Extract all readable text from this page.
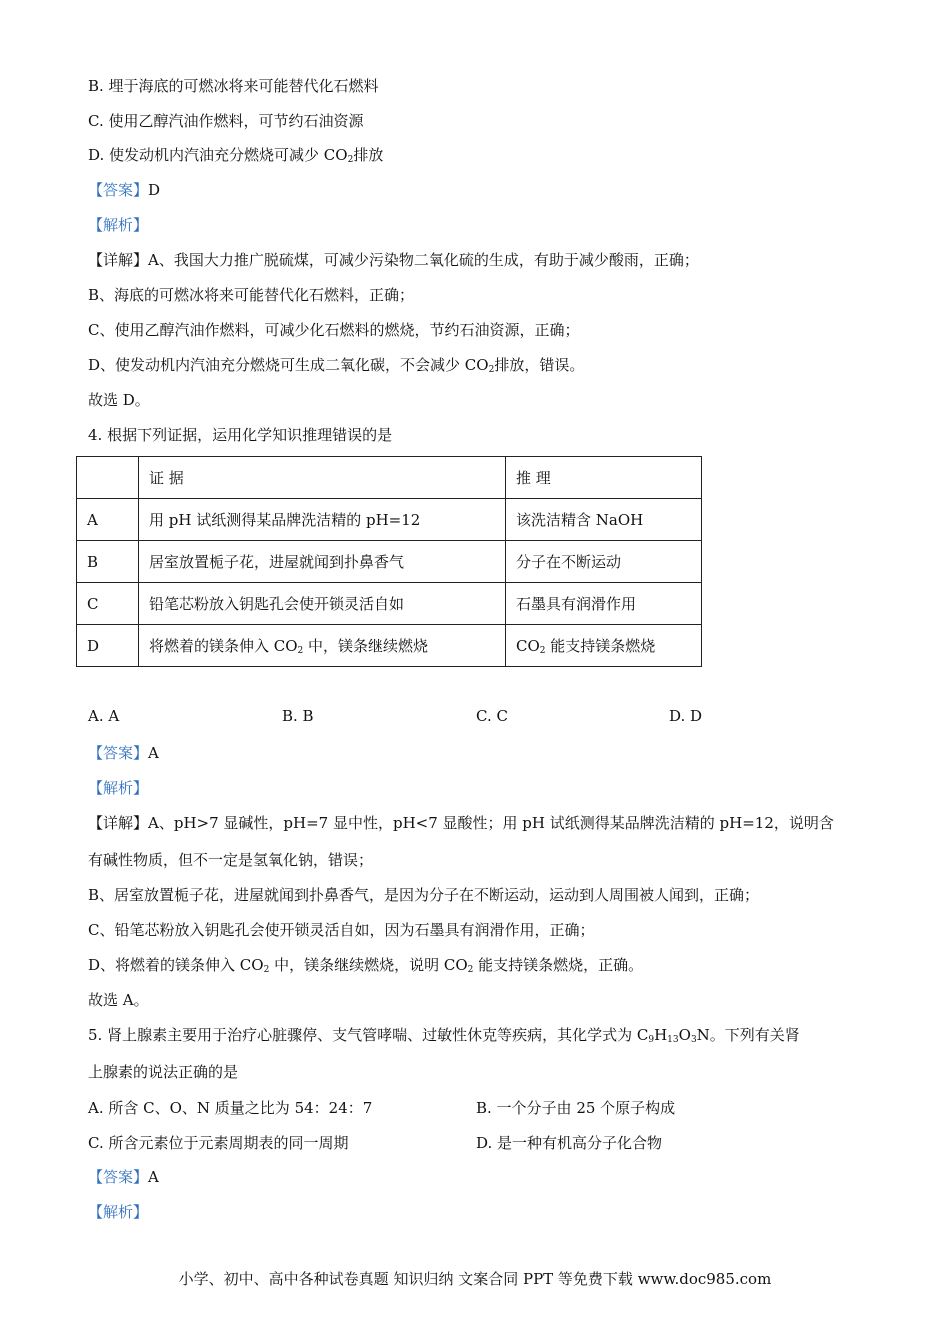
B. 埋于海底的可燃冰将来可能替代化石燃料
C. 使用乙醇汽油作燃料，可节约石油资源
D. 使发动机内汽油充分燃烧可减少 $CO_2$排放
【答案】D
【解析】
【详解】A、我国大力推广脱硫煤，可减少污染物二氧化硫的生成，有助于减少酸雨，正确；
B、海底的可燃冰将来可能替代化石燃料，正确；
C、使用乙醇汽油作燃料，可减少化石燃料的燃烧，节约石油资源，正确；
D、使发动机内汽油充分燃烧可生成二氧化碳，不会减少 $CO_2$排放，错误。
故选 D。
4. 根据下列证据，运用化学知识推理错误的是
	证 据	推 理
A	用 pH 试纸测得某品牌洗洁精的 pH=12	该洗洁精含 NaOH
B	居室放置栀子花，进屋就闻到扑鼻香气	分子在不断运动
C	铅笔芯粉放入钥匙孔会使开锁灵活自如	石墨具有润滑作用
D	将燃着的镁条伸入 $CO_2$ 中，镁条继续燃烧	$CO_2$ 能支持镁条燃烧
A. A	B. B	C. C	D. D
【答案】A
【解析】
【详解】A、pH>7 显碱性，pH=7 显中性，pH<7 显酸性；用 pH 试纸测得某品牌洗洁精的 pH=12，说明含
有碱性物质，但不一定是氢氧化钠，错误；
B、居室放置栀子花，进屋就闻到扑鼻香气，是因为分子在不断运动，运动到人周围被人闻到，正确；
C、铅笔芯粉放入钥匙孔会使开锁灵活自如，因为石墨具有润滑作用，正确；
D、将燃着的镁条伸入 $CO_2$ 中，镁条继续燃烧，说明 $CO_2$ 能支持镁条燃烧，正确。
故选 A。
5. 肾上腺素主要用于治疗心脏骤停、支气管哮喘、过敏性休克等疾病，其化学式为 $C_9H_{13}O_3N$。下列有关肾
上腺素的说法正确的是
A. 所含 C、O、N 质量之比为 54：24：7	B. 一个分子由 25 个原子构成
C. 所含元素位于元素周期表的同一周期	D. 是一种有机高分子化合物
【答案】A
【解析】
小学、初中、高中各种试卷真题 知识归纳 文案合同 PPT 等免费下载 www.doc985.com
